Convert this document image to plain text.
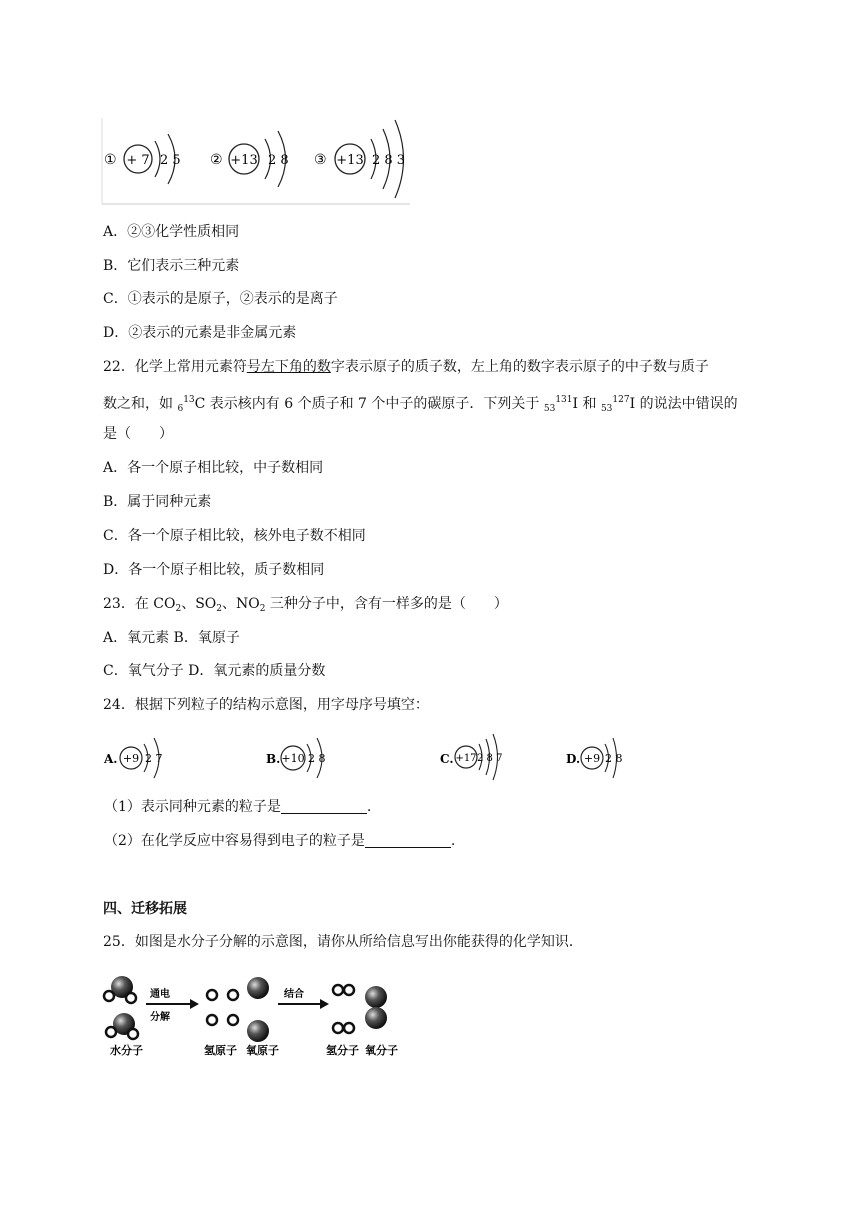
① + 7 2 5 ② +13 2 8 ③ +13 2 8 3
A．②③化学性质相同
B．它们表示三种元素
C．①表示的是原子，②表示的是离子
D．②表示的元素是非金属元素
22．化学上常用元素符号左下角的数字表示原子的质子数，左上角的数字表示原子的中子数与质子
数之和，如 $_6^{13}$C 表示核内有 6 个质子和 7 个中子的碳原子．下列关于 $_{53}^{131}$I 和 $_{53}^{127}$I 的说法中错误的
是（　　）
A．各一个原子相比较，中子数相同
B．属于同种元素
C．各一个原子相比较，核外电子数不相同
D．各一个原子相比较，质子数相同
23．在 $CO_2$、$SO_2$、$NO_2$ 三种分子中，含有一样多的是（　　）
A．氧元素 B．氧原子
C．氧气分子 D．氧元素的质量分数
24．根据下列粒子的结构示意图，用字母序号填空：
A. +9 2 7	B. +10 2 8	C. +17 2 8 7	D. +9 2 8
（1）表示同种元素的粒子是	.
（2）在化学反应中容易得到电子的粒子是	.
四、迁移拓展
25．如图是水分子分解的示意图，请你从所给信息写出你能获得的化学知识．
水分子
通电
分解
氢原子 氧原子
结合
氢分子 氧分子
